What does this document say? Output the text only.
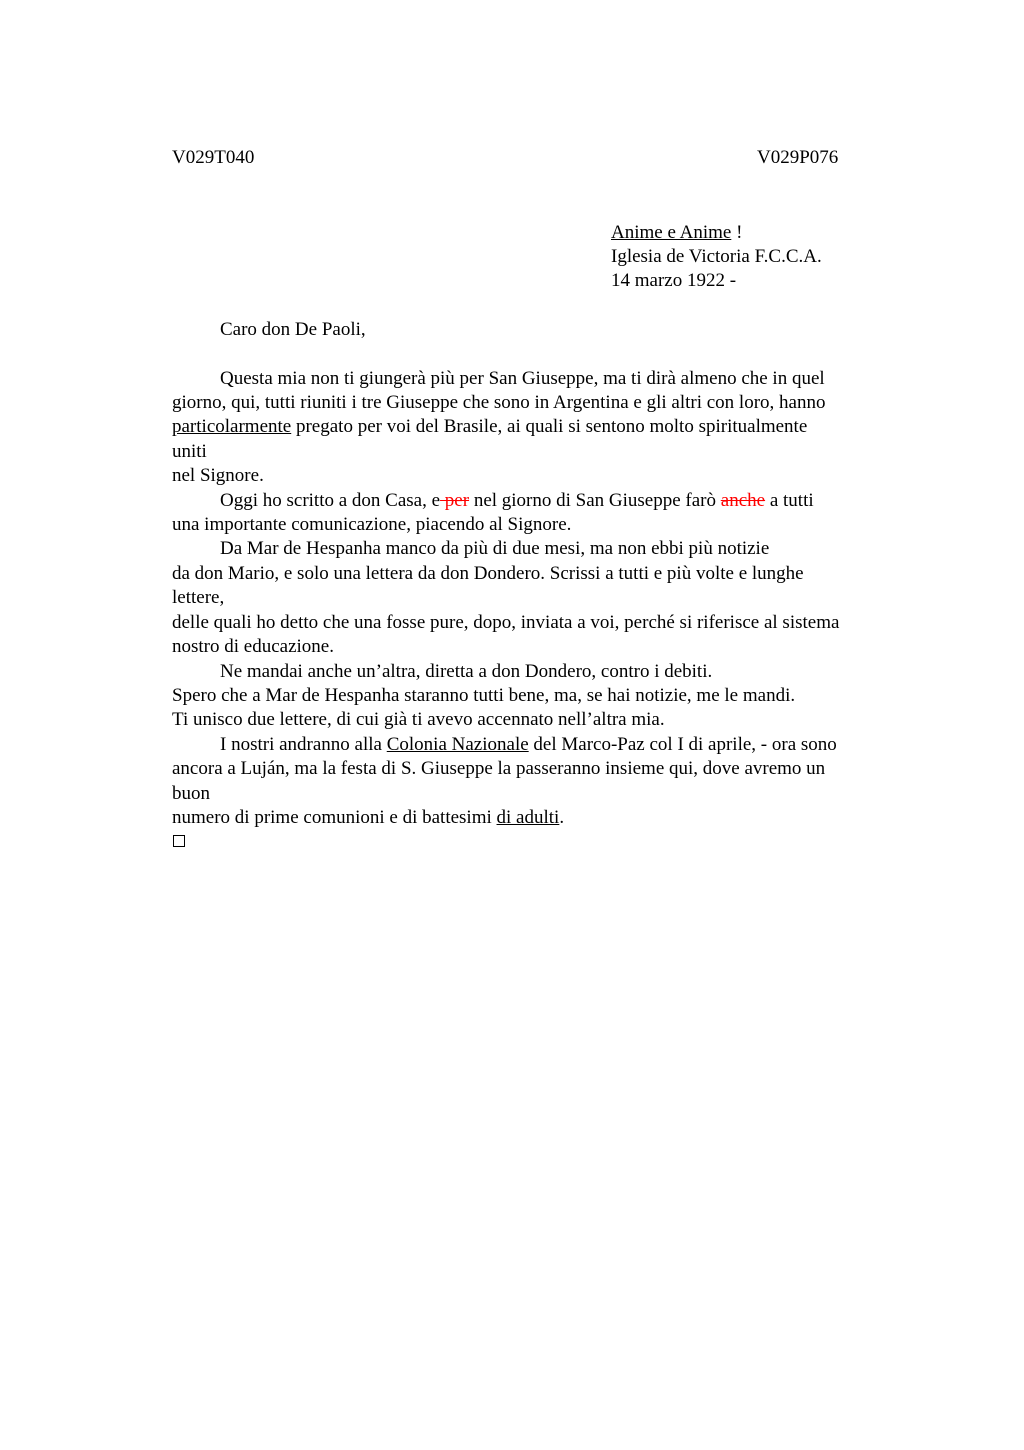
V029T040	V029P076
Anime e Anime !
Iglesia de Victoria F.C.C.A.
14 marzo 1922 -
Caro don De Paoli,
Questa mia non ti giungerà più per San Giuseppe, ma ti dirà almeno che in quel
giorno, qui, tutti riuniti i tre Giuseppe che sono in Argentina e gli altri con loro, hanno
particolarmente pregato per voi del Brasile, ai quali si sentono molto spiritualmente
uniti
nel Signore.
Oggi ho scritto a don Casa, e per nel giorno di San Giuseppe farò anche a tutti
una importante comunicazione, piacendo al Signore.
Da Mar de Hespanha manco da più di due mesi, ma non ebbi più notizie
da don Mario, e solo una lettera da don Dondero. Scrissi a tutti e più volte e lunghe
lettere,
delle quali ho detto che una fosse pure, dopo, inviata a voi, perché si riferisce al sistema
nostro di educazione.
Ne mandai anche un’altra, diretta a don Dondero, contro i debiti.
Spero che a Mar de Hespanha staranno tutti bene, ma, se hai notizie, me le mandi.
Ti unisco due lettere, di cui già ti avevo accennato nell’altra mia.
I nostri andranno alla Colonia Nazionale del Marco-Paz col I di aprile, - ora sono
ancora a Luján, ma la festa di S. Giuseppe la passeranno insieme qui, dove avremo un
buon
numero di prime comunioni e di battesimi di adulti.
